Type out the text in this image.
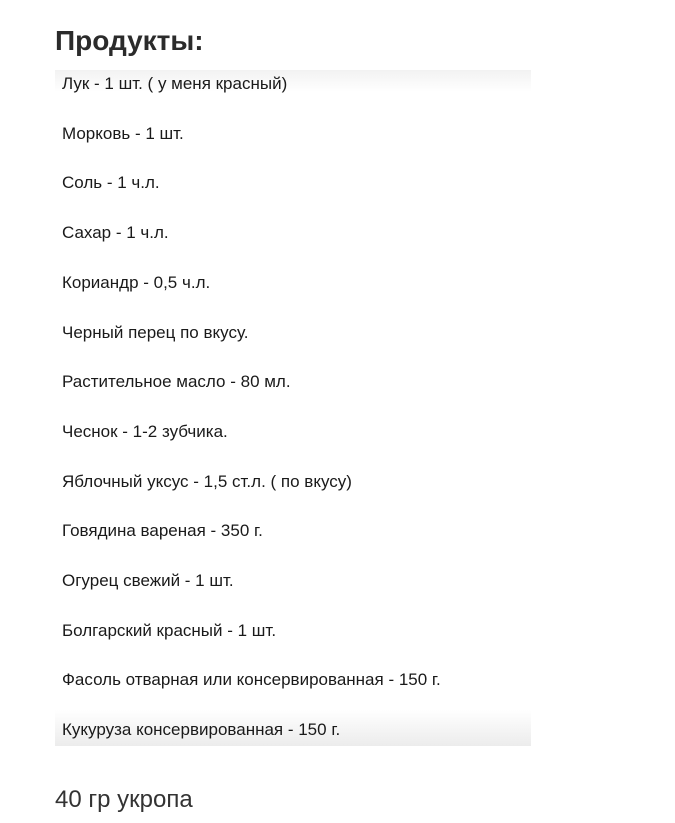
Продукты:
Лук - 1 шт. ( у меня красный)
Морковь - 1 шт.
Соль - 1 ч.л.
Сахар - 1 ч.л.
Кориандр - 0,5 ч.л.
Черный перец по вкусу.
Растительное масло - 80 мл.
Чеснок - 1-2 зубчика.
Яблочный уксус - 1,5 ст.л. ( по вкусу)
Говядина вареная - 350 г.
Огурец свежий - 1 шт.
Болгарский красный - 1 шт.
Фасоль отварная или консервированная - 150 г.
Кукуруза консервированная - 150 г.

40 гр укропа
